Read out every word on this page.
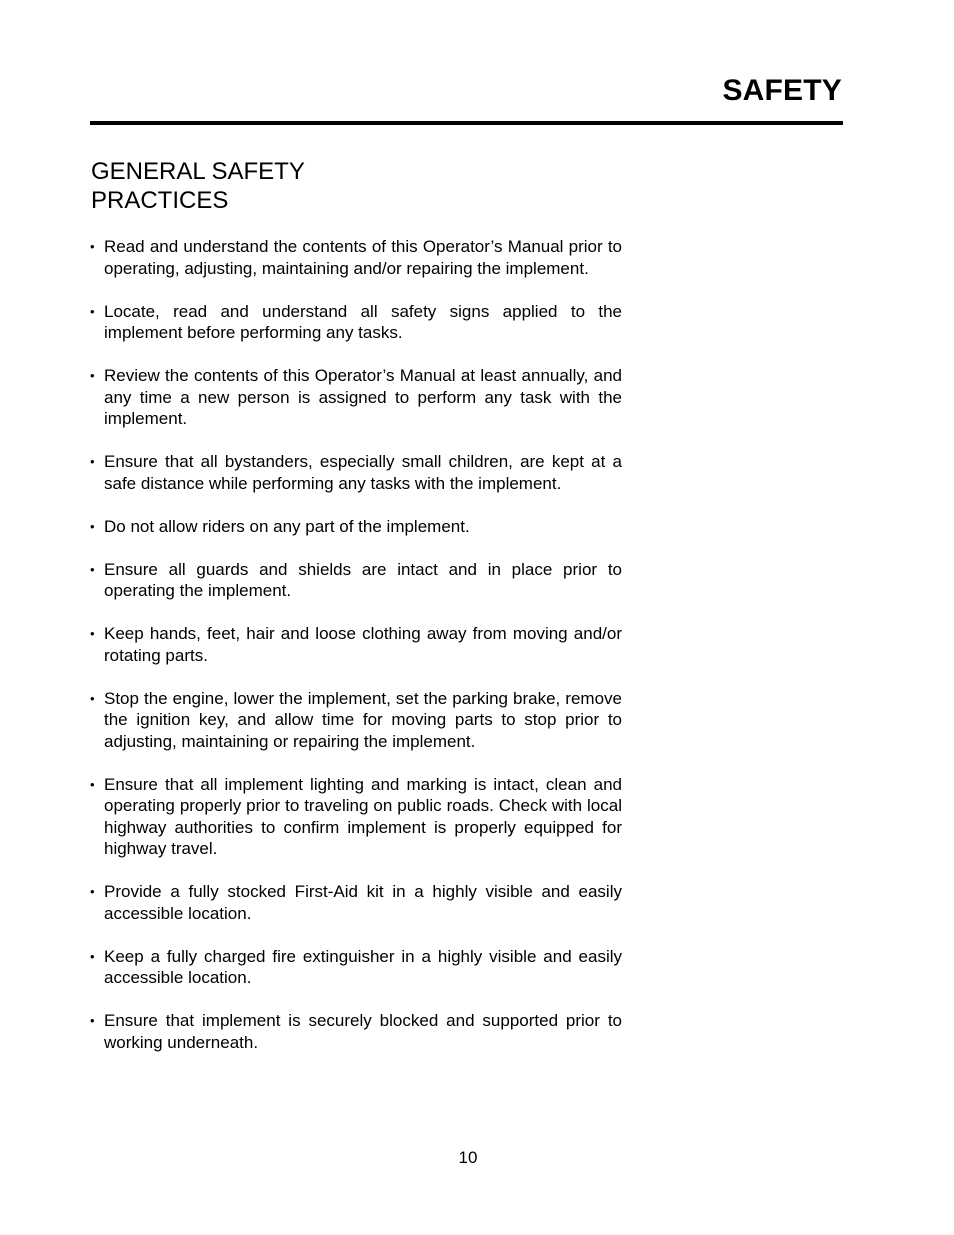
SAFETY
GENERAL SAFETY
PRACTICES
• Read and understand the contents of this Operator’s Manual prior to operating, adjusting, maintaining and/or repairing the implement.
• Locate, read and understand all safety signs applied to the implement before performing any tasks.
• Review the contents of this Operator’s Manual at least annually, and any time a new person is assigned to perform any task with the implement.
• Ensure that all bystanders, especially small children, are kept at a safe distance while performing any tasks with the implement.
• Do not allow riders on any part of the implement.
• Ensure all guards and shields are intact and in place prior to operating the implement.
• Keep hands, feet, hair and loose clothing away from moving and/or rotating parts.
• Stop the engine, lower the implement, set the parking brake, remove the ignition key, and allow time for moving parts to stop prior to adjusting, maintaining or repairing the implement.
• Ensure that all implement lighting and marking is intact, clean and operating properly prior to traveling on public roads. Check with local highway authorities to confirm implement is properly equipped for highway travel.
• Provide a fully stocked First-Aid kit in a highly visible and easily accessible location.
• Keep a fully charged fire extinguisher in a highly visible and easily accessible location.
• Ensure that implement is securely blocked and supported prior to working underneath.
10
